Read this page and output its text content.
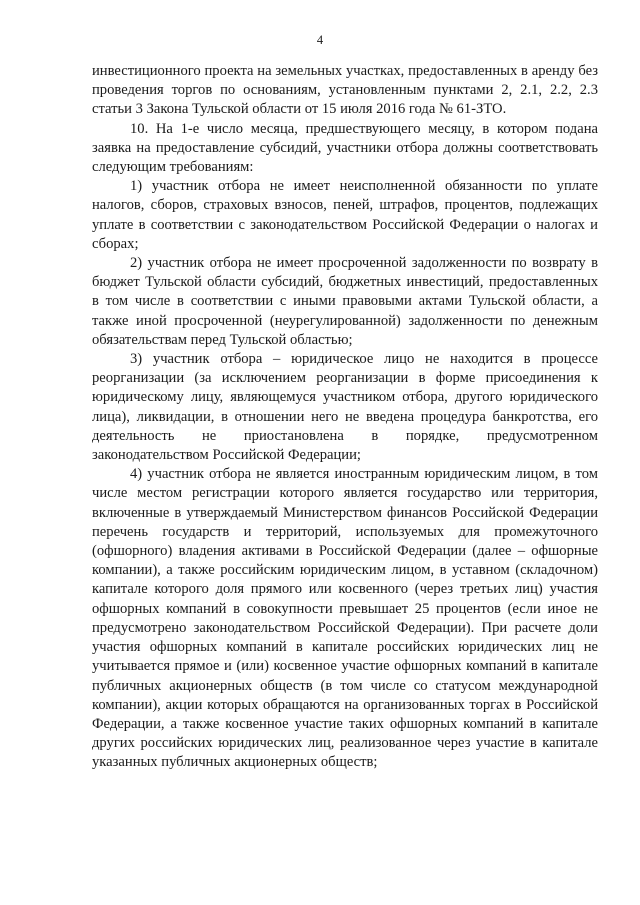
4

инвестиционного проекта на земельных участках, предоставленных в аренду без проведения торгов по основаниям, установленным пунктами 2, 2.1, 2.2, 2.3 статьи 3 Закона Тульской области от 15 июля 2016 года № 61-ЗТО.

10. На 1-е число месяца, предшествующего месяцу, в котором подана заявка на предоставление субсидий, участники отбора должны соответствовать следующим требованиям:

1) участник отбора не имеет неисполненной обязанности по уплате налогов, сборов, страховых взносов, пеней, штрафов, процентов, подлежащих уплате в соответствии с законодательством Российской Федерации о налогах и сборах;

2) участник отбора не имеет просроченной задолженности по возврату в бюджет Тульской области субсидий, бюджетных инвестиций, предоставленных в том числе в соответствии с иными правовыми актами Тульской области, а также иной просроченной (неурегулированной) задолженности по денежным обязательствам перед Тульской областью;

3) участник отбора – юридическое лицо не находится в процессе реорганизации (за исключением реорганизации в форме присоединения к юридическому лицу, являющемуся участником отбора, другого юридического лица), ликвидации, в отношении него не введена процедура банкротства, его деятельность не приостановлена в порядке, предусмотренном законодательством Российской Федерации;

4) участник отбора не является иностранным юридическим лицом, в том числе местом регистрации которого является государство или территория, включенные в утверждаемый Министерством финансов Российской Федерации перечень государств и территорий, используемых для промежуточного (офшорного) владения активами в Российской Федерации (далее – офшорные компании), а также российским юридическим лицом, в уставном (складочном) капитале которого доля прямого или косвенного (через третьих лиц) участия офшорных компаний в совокупности превышает 25 процентов (если иное не предусмотрено законодательством Российской Федерации). При расчете доли участия офшорных компаний в капитале российских юридических лиц не учитывается прямое и (или) косвенное участие офшорных компаний в капитале публичных акционерных обществ (в том числе со статусом международной компании), акции которых обращаются на организованных торгах в Российской Федерации, а также косвенное участие таких офшорных компаний в капитале других российских юридических лиц, реализованное через участие в капитале указанных публичных акционерных обществ;
